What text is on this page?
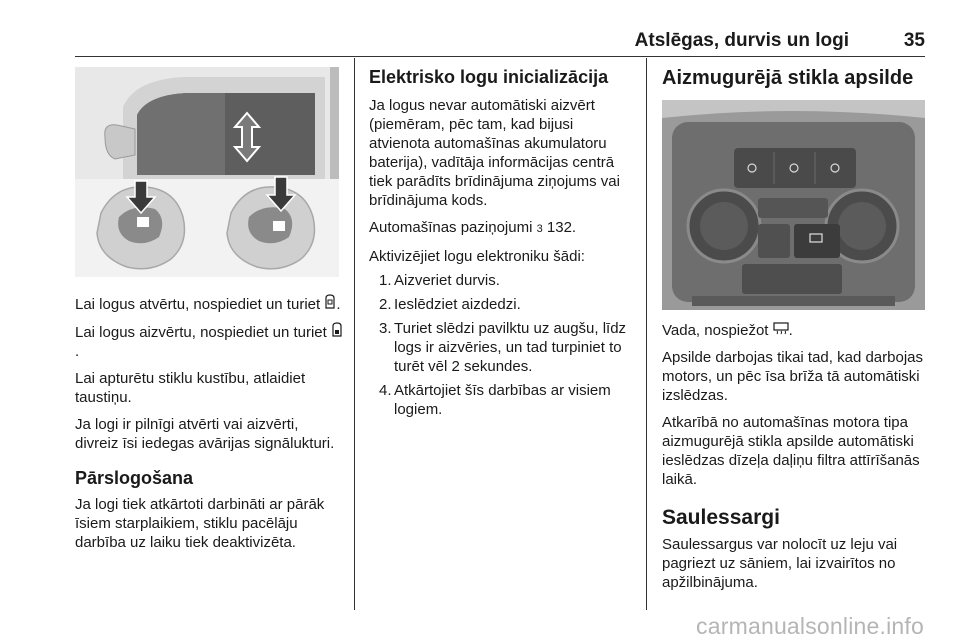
Atslēgas, durvis un logi	35

Lai logus atvērtu, nospiediet un turiet .

Lai logus aizvērtu, nospiediet un turiet .

Lai apturētu stiklu kustību, atlaidiet taustiņu.

Ja logi ir pilnīgi atvērti vai aizvērti, divreiz īsi iedegas avārijas signālukturi.

Pārslogošana

Ja logi tiek atkārtoti darbināti ar pārāk īsiem starplaikiem, stiklu pacēlāju darbība uz laiku tiek deaktivizēta.

Elektrisko logu inicializācija

Ja logus nevar automātiski aizvērt (piemēram, pēc tam, kad bijusi atvienota automašīnas akumulatoru baterija), vadītāja informācijas centrā tiek parādīts brīdinājuma ziņojums vai brīdinājuma kods.

Automašīnas paziņojumi 3 132.

Aktivizējiet logu elektroniku šādi:

1. Aizveriet durvis.
2. Ieslēdziet aizdedzi.
3. Turiet slēdzi pavilktu uz augšu, līdz logs ir aizvēries, un tad turpiniet to turēt vēl 2 sekundes.
4. Atkārtojiet šīs darbības ar visiem logiem.
Aizmugurējā stikla apsilde

Vada, nospiežot .

Apsilde darbojas tikai tad, kad darbojas motors, un pēc īsa brīža tā automātiski izslēdzas.

Atkarībā no automašīnas motora tipa aizmugurējā stikla apsilde automātiski ieslēdzas dīzeļa daļiņu filtra attīrīšanās laikā.

Saulessargi

Saulessargus var nolocīt uz leju vai pagriezt uz sāniem, lai izvairītos no apžilbinājuma.

carmanualsonline.info
